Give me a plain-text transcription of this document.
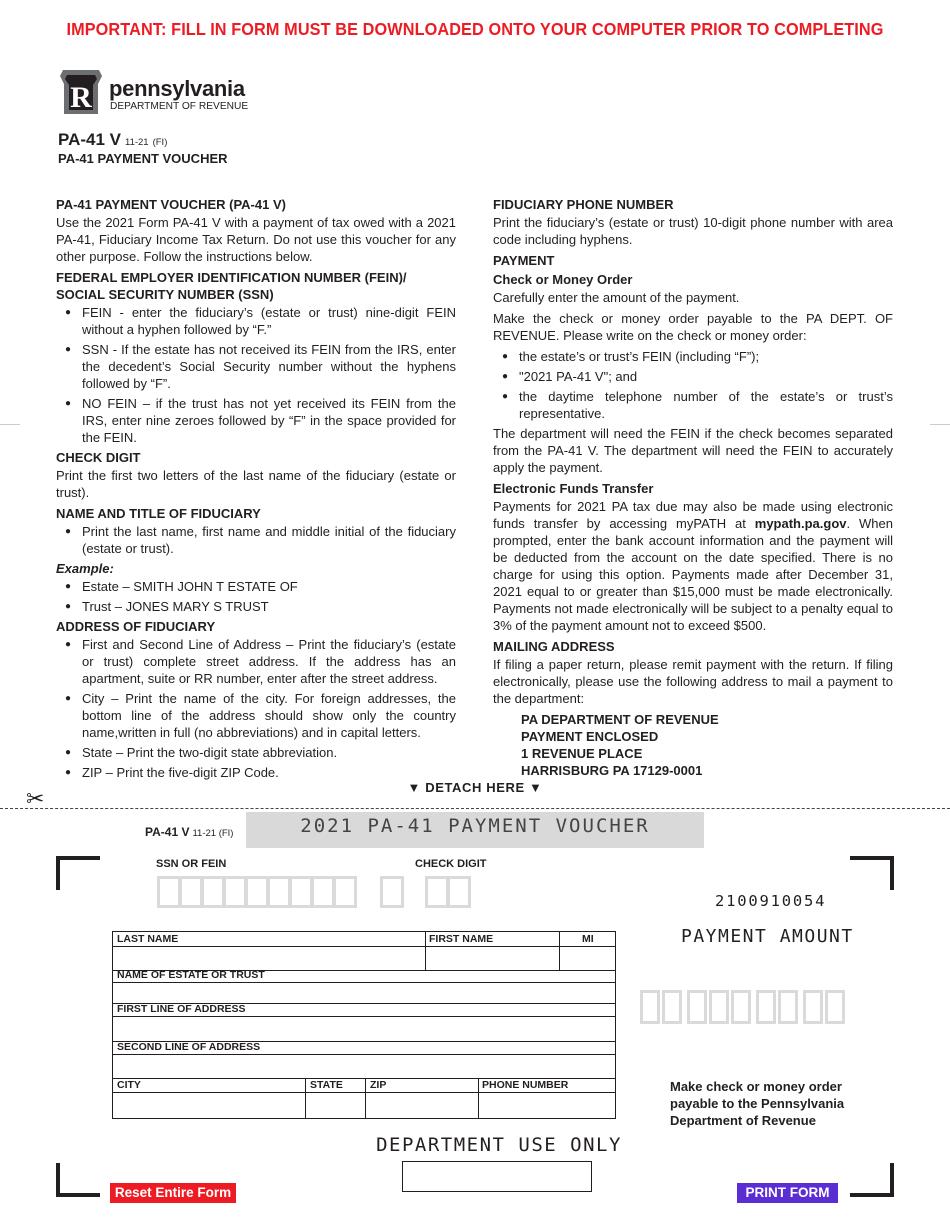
IMPORTANT: FILL IN FORM MUST BE DOWNLOADED ONTO YOUR COMPUTER PRIOR TO COMPLETING
R pennsylvania
DEPARTMENT OF REVENUE
PA-41 V 11-21 (FI)
PA-41 PAYMENT VOUCHER
PA-41 PAYMENT VOUCHER (PA-41 V)

Use the 2021 Form PA-41 V with a payment of tax owed with a 2021 PA-41, Fiduciary Income Tax Return. Do not use this voucher for any other purpose. Follow the instructions below.

FEDERAL EMPLOYER IDENTIFICATION NUMBER (FEIN)/ SOCIAL SECURITY NUMBER (SSN)
● FEIN - enter the fiduciary’s (estate or trust) nine-digit FEIN without a hyphen followed by “F.”
● SSN - If the estate has not received its FEIN from the IRS, enter the decedent’s Social Security number without the hyphens followed by “F”.
● NO FEIN – if the trust has not yet received its FEIN from the IRS, enter nine zeroes followed by “F” in the space provided for the FEIN.
CHECK DIGIT

Print the first two letters of the last name of the fiduciary (estate or trust).

NAME AND TITLE OF FIDUCIARY
● Print the last name, first name and middle initial of the fiduciary (estate or trust).
Example:
● Estate – SMITH JOHN T ESTATE OF
● Trust – JONES MARY S TRUST
ADDRESS OF FIDUCIARY
● First and Second Line of Address – Print the fiduciary’s (estate or trust) complete street address. If the address has an apartment, suite or RR number, enter after the street address.
● City – Print the name of the city. For foreign addresses, the bottom line of the address should show only the country name,written in full (no abbreviations) and in capital letters.
● State – Print the two-digit state abbreviation.
● ZIP – Print the five-digit ZIP Code.
FIDUCIARY PHONE NUMBER

Print the fiduciary’s (estate or trust) 10-digit phone number with area code including hyphens.

PAYMENT
Check or Money Order

Carefully enter the amount of the payment.

Make the check or money order payable to the PA DEPT. OF REVENUE. Please write on the check or money order:

● the estate’s or trust’s FEIN (including “F”);
● "2021 PA-41 V"; and
● the daytime telephone number of the estate’s or trust’s representative.

The department will need the FEIN if the check becomes separated from the PA-41 V. The department will need the FEIN to accurately apply the payment.

Electronic Funds Transfer

Payments for 2021 PA tax due may also be made using electronic funds transfer by accessing myPATH at mypath.pa.gov. When prompted, enter the bank account information and the payment will be deducted from the account on the date specified. There is no charge for using this option. Payments made after December 31, 2021 equal to or greater than $15,000 must be made electronically. Payments not made electronically will be subject to a penalty equal to 3% of the payment amount not to exceed $500.

MAILING ADDRESS

If filing a paper return, please remit payment with the return. If filing electronically, please use the following address to mail a payment to the department:

PA DEPARTMENT OF REVENUE
PAYMENT ENCLOSED
1 REVENUE PLACE
HARRISBURG PA 17129-0001
▼ DETACH HERE ▼
✂
2021 PA-41 PAYMENT VOUCHER
PA-41 V 11-21 (FI)
SSN OR FEIN	CHECK DIGIT
2100910054
PAYMENT AMOUNT
LAST NAME	FIRST NAME	MI
NAME OF ESTATE OR TRUST
FIRST LINE OF ADDRESS
SECOND LINE OF ADDRESS
CITY	STATE	ZIP	PHONE NUMBER	Make check or money order
payable to the Pennsylvania
Department of Revenue
DEPARTMENT USE ONLY
Reset Entire Form	PRINT FORM
